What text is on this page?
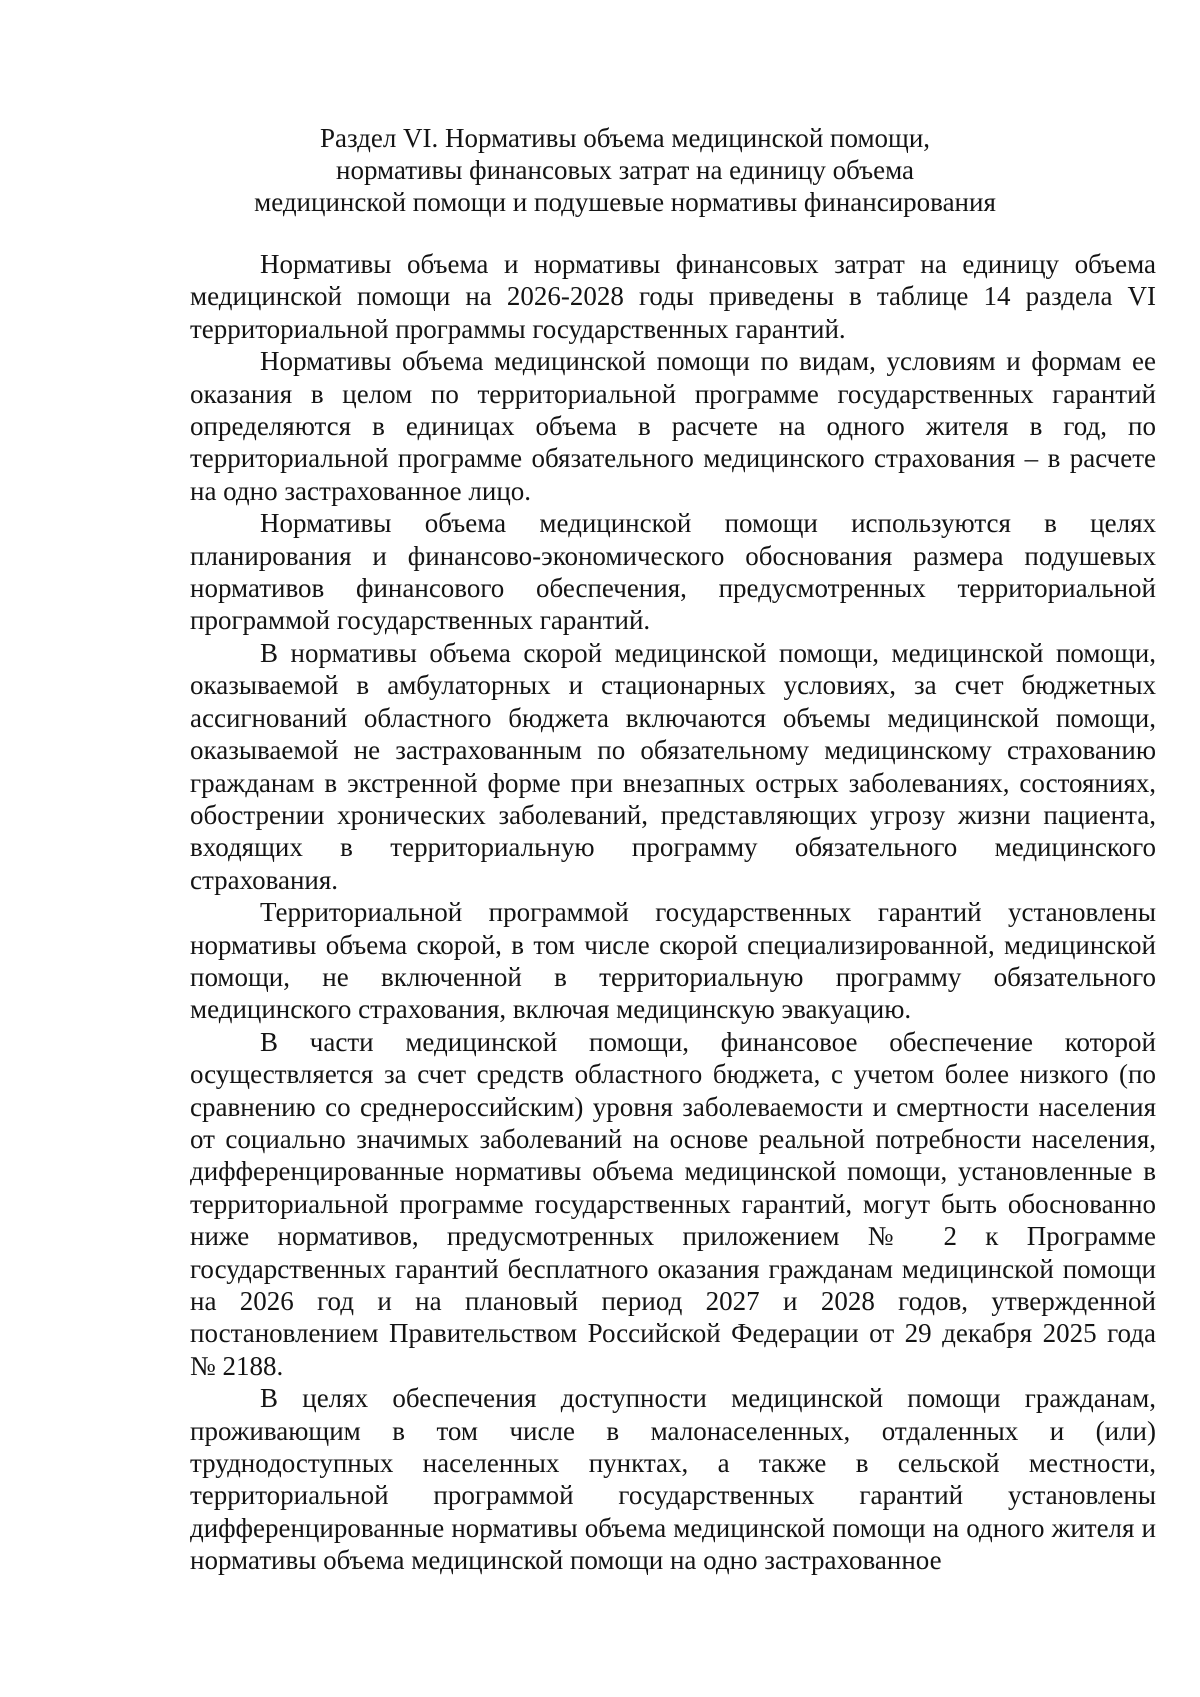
Раздел VI. Нормативы объема медицинской помощи,
нормативы финансовых затрат на единицу объема
медицинской помощи и подушевые нормативы финансирования

Нормативы объема и нормативы финансовых затрат на единицу объема медицинской помощи на 2026-2028 годы приведены в таблице 14 раздела VI территориальной программы государственных гарантий.

Нормативы объема медицинской помощи по видам, условиям и формам ее оказания в целом по территориальной программе государственных гарантий определяются в единицах объема в расчете на одного жителя в год, по территориальной программе обязательного медицинского страхования – в расчете на одно застрахованное лицо.

Нормативы объема медицинской помощи используются в целях планирования и финансово-экономического обоснования размера подушевых нормативов финансового обеспечения, предусмотренных территориальной программой государственных гарантий.

В нормативы объема скорой медицинской помощи, медицинской помощи, оказываемой в амбулаторных и стационарных условиях, за счет бюджетных ассигнований областного бюджета включаются объемы медицинской помощи, оказываемой не застрахованным по обязательному медицинскому страхованию гражданам в экстренной форме при внезапных острых заболеваниях, состояниях, обострении хронических заболеваний, представляющих угрозу жизни пациента, входящих в территориальную программу обязательного медицинского страхования.

Территориальной программой государственных гарантий установлены нормативы объема скорой, в том числе скорой специализированной, медицинской помощи, не включенной в территориальную программу обязательного медицинского страхования, включая медицинскую эвакуацию.

В части медицинской помощи, финансовое обеспечение которой осуществляется за счет средств областного бюджета, с учетом более низкого (по сравнению со среднероссийским) уровня заболеваемости и смертности населения от социально значимых заболеваний на основе реальной потребности населения, дифференцированные нормативы объема медицинской помощи, установленные в территориальной программе государственных гарантий, могут быть обоснованно ниже нормативов, предусмотренных приложением № 2 к Программе государственных гарантий бесплатного оказания гражданам медицинской помощи на 2026 год и на плановый период 2027 и 2028 годов, утвержденной постановлением Правительством Российской Федерации от 29 декабря 2025 года № 2188.

В целях обеспечения доступности медицинской помощи гражданам, проживающим в том числе в малонаселенных, отдаленных и (или) труднодоступных населенных пунктах, а также в сельской местности, территориальной программой государственных гарантий установлены дифференцированные нормативы объема медицинской помощи на одного жителя и нормативы объема медицинской помощи на одно застрахованное
